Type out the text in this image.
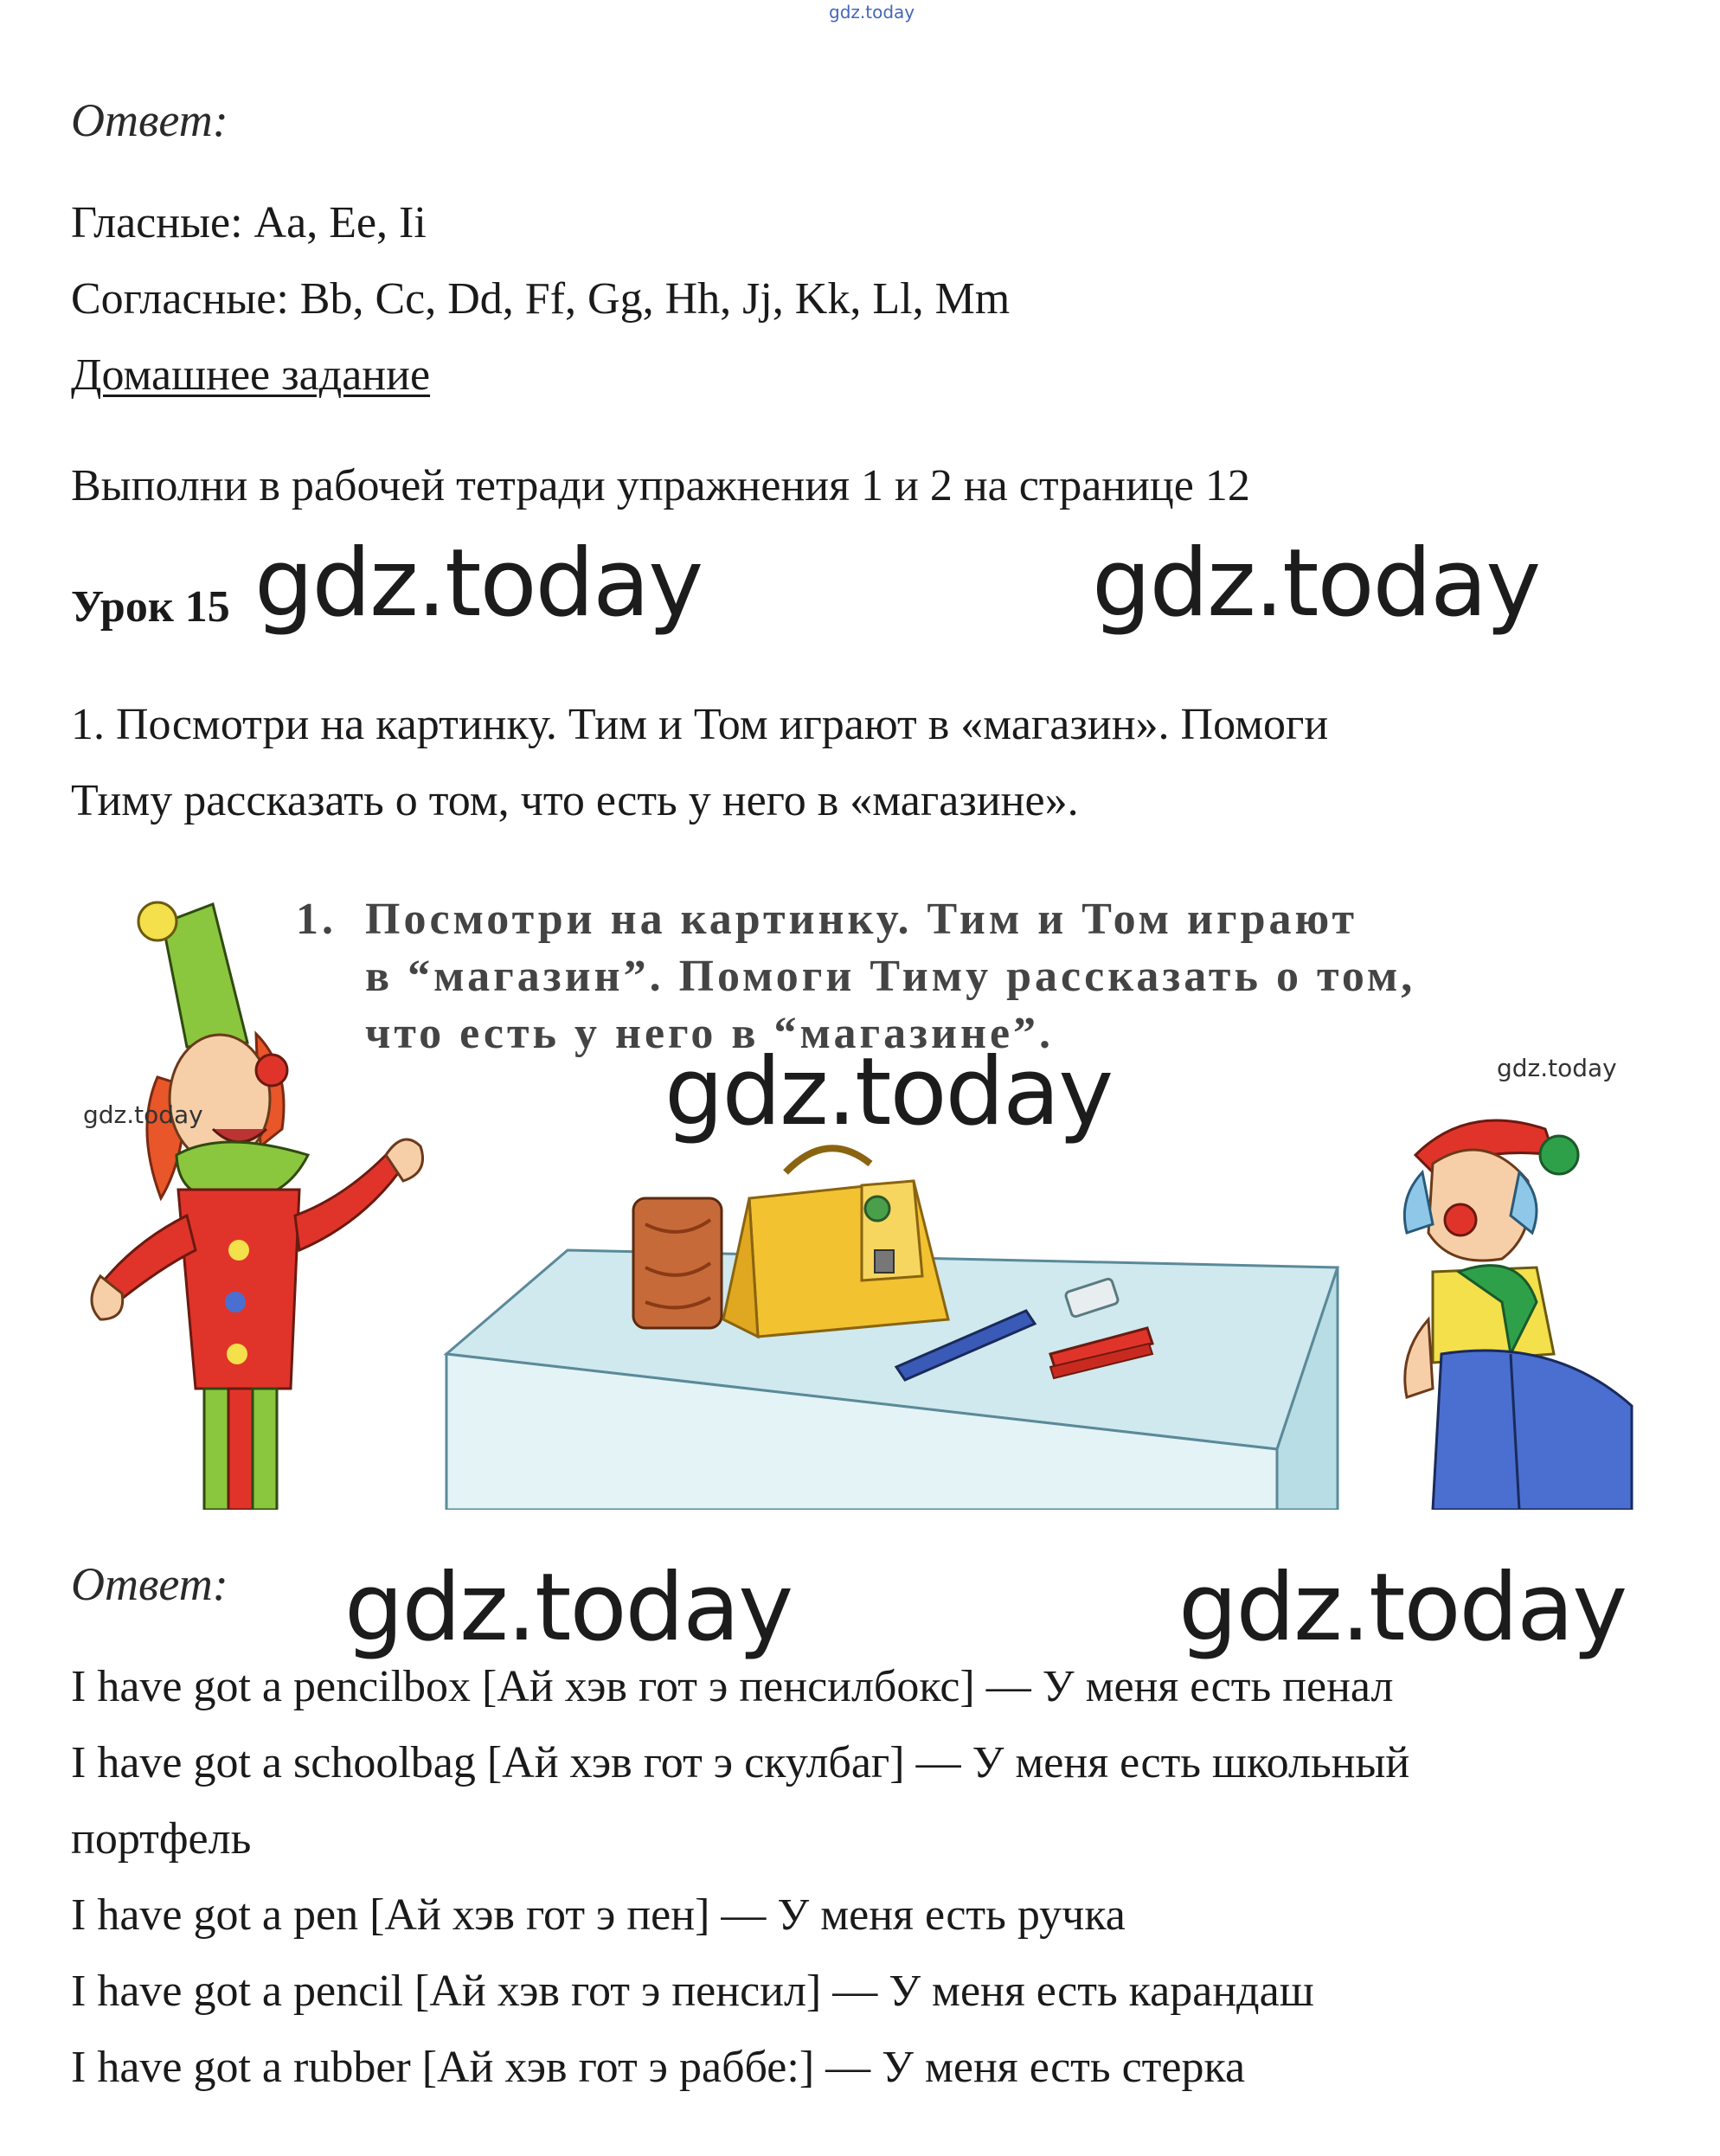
gdz.today
Ответ:
Гласные: Aa, Ee, Ii
Согласные: Bb, Cc, Dd, Ff, Gg, Hh, Jj, Kk, Ll, Mm
Домашнее задание
Выполни в рабочей тетради упражнения 1 и 2 на странице 12
Урок 15 gdz.today	gdz.today
1. Посмотри на картинку. Тим и Том играют в «магазин». Помоги
Тиму рассказать о том, что есть у него в «магазине».
1. Посмотри на картинку. Тим и Том играют
в “магазин”. Помоги Тиму рассказать о том,
что есть у него в “магазине”.
gdz.today
gdz.today
gdz.today
Ответ: gdz.today	gdz.today
I have got a pencilbox [Ай хэв гот э пенсилбокс] — У меня есть пенал
I have got a schoolbag [Ай хэв гот э скулбаг] — У меня есть школьный
портфель
I have got a pen [Ай хэв гот э пен] — У меня есть ручка
I have got a pencil [Ай хэв гот э пенсил] — У меня есть карандаш
I have got a rubber [Ай хэв гот э раббе:] — У меня есть стерка
